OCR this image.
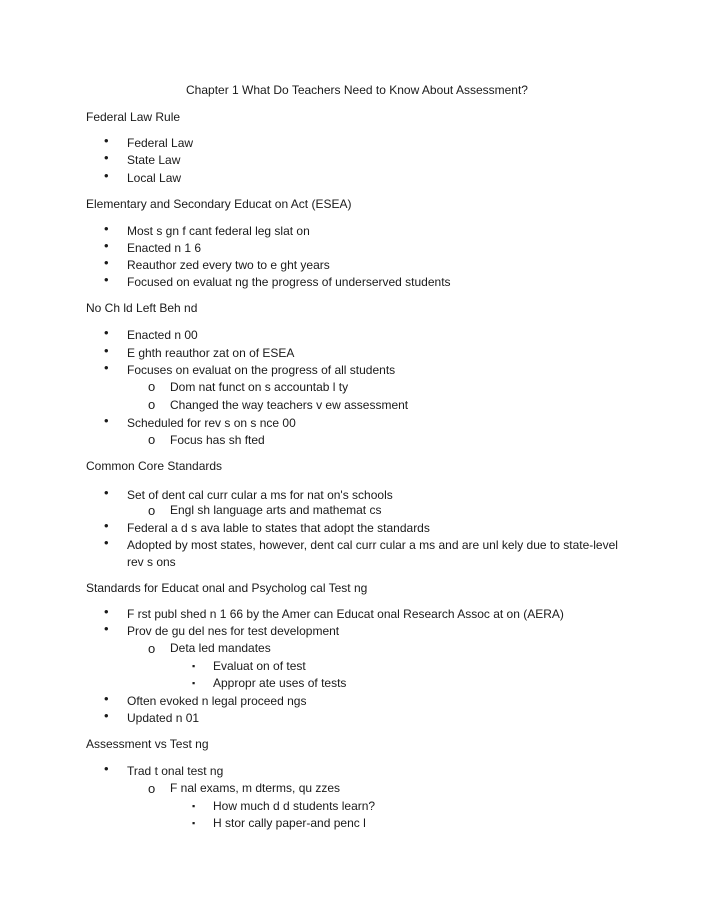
Chapter 1 What Do Teachers Need to Know About Assessment?
Federal Law Rule
• Federal Law
• State Law
• Local Law
Elementary and Secondary Educat on Act (ESEA)
• Most s gn f cant federal leg slat on
• Enacted n 1 6
• Reauthor zed every two to e ght years
• Focused on evaluat ng the progress of underserved students
No Ch ld Left Beh nd
• Enacted n 00
• E ghth reauthor zat on of ESEA
• Focuses on evaluat on the progress of all students
o Dom nat funct on s accountab l ty
o Changed the way teachers v ew assessment
• Scheduled for rev s on s nce 00
o Focus has sh fted
Common Core Standards
• Set of dent cal curr cular a ms for nat on's schools
o Engl sh language arts and mathemat cs
• Federal a d s ava lable to states that adopt the standards
• Adopted by most states, however, dent cal curr cular a ms and are unl kely due to state-level rev s ons
Standards for Educat onal and Psycholog cal Test ng
• F rst publ shed n 1 66 by the Amer can Educat onal Research Assoc at on (AERA)
• Prov de gu del nes for test development
o Deta led mandates
▪ Evaluat on of test
▪ Appropr ate uses of tests
• Often evoked n legal proceed ngs
• Updated n 01
Assessment vs Test ng
• Trad t onal test ng
o F nal exams, m dterms, qu zzes
▪ How much d d students learn?
▪ H stor cally paper-and penc l
